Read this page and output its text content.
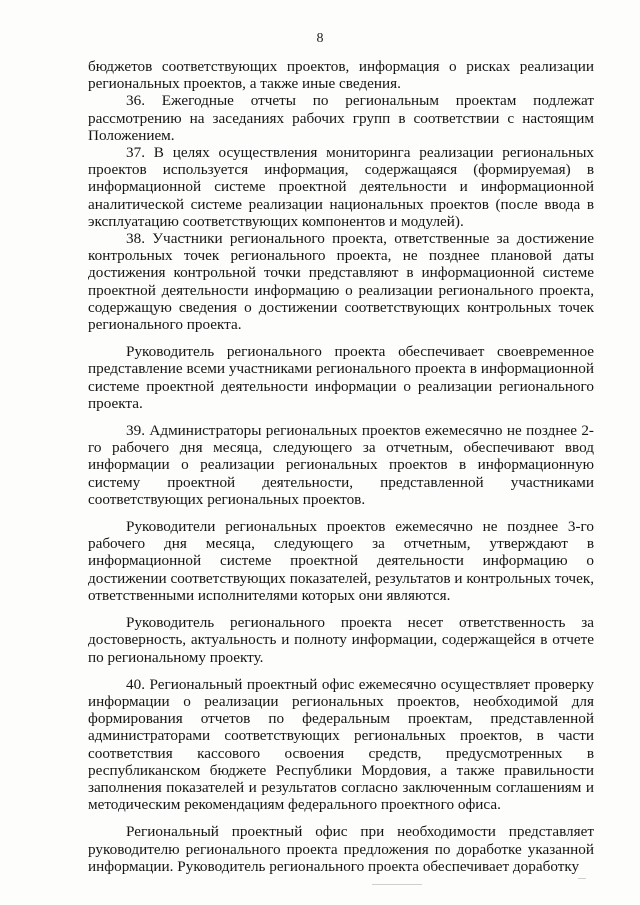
8

бюджетов соответствующих проектов, информация о рисках реализации региональных проектов, а также иные сведения.

36. Ежегодные отчеты по региональным проектам подлежат рассмотрению на заседаниях рабочих групп в соответствии с настоящим Положением.

37. В целях осуществления мониторинга реализации региональных проектов используется информация, содержащаяся (формируемая) в информационной системе проектной деятельности и информационной аналитической системе реализации национальных проектов (после ввода в эксплуатацию соответствующих компонентов и модулей).

38. Участники регионального проекта, ответственные за достижение контрольных точек регионального проекта, не позднее плановой даты достижения контрольной точки представляют в информационной системе проектной деятельности информацию о реализации регионального проекта, содержащую сведения о достижении соответствующих контрольных точек регионального проекта.

Руководитель регионального проекта обеспечивает своевременное представление всеми участниками регионального проекта в информационной системе проектной деятельности информации о реализации регионального проекта.

39. Администраторы региональных проектов ежемесячно не позднее 2-го рабочего дня месяца, следующего за отчетным, обеспечивают ввод информации о реализации региональных проектов в информационную систему проектной деятельности, представленной участниками соответствующих региональных проектов.

Руководители региональных проектов ежемесячно не позднее 3-го рабочего дня месяца, следующего за отчетным, утверждают в информационной системе проектной деятельности информацию о достижении соответствующих показателей, результатов и контрольных точек, ответственными исполнителями которых они являются.

Руководитель регионального проекта несет ответственность за достоверность, актуальность и полноту информации, содержащейся в отчете по региональному проекту.

40. Региональный проектный офис ежемесячно осуществляет проверку информации о реализации региональных проектов, необходимой для формирования отчетов по федеральным проектам, представленной администраторами соответствующих региональных проектов, в части соответствия кассового освоения средств, предусмотренных в республиканском бюджете Республики Мордовия, а также правильности заполнения показателей и результатов согласно заключенным соглашениям и методическим рекомендациям федерального проектного офиса.

Региональный проектный офис при необходимости представляет руководителю регионального проекта предложения по доработке указанной информации. Руководитель регионального проекта обеспечивает доработку
